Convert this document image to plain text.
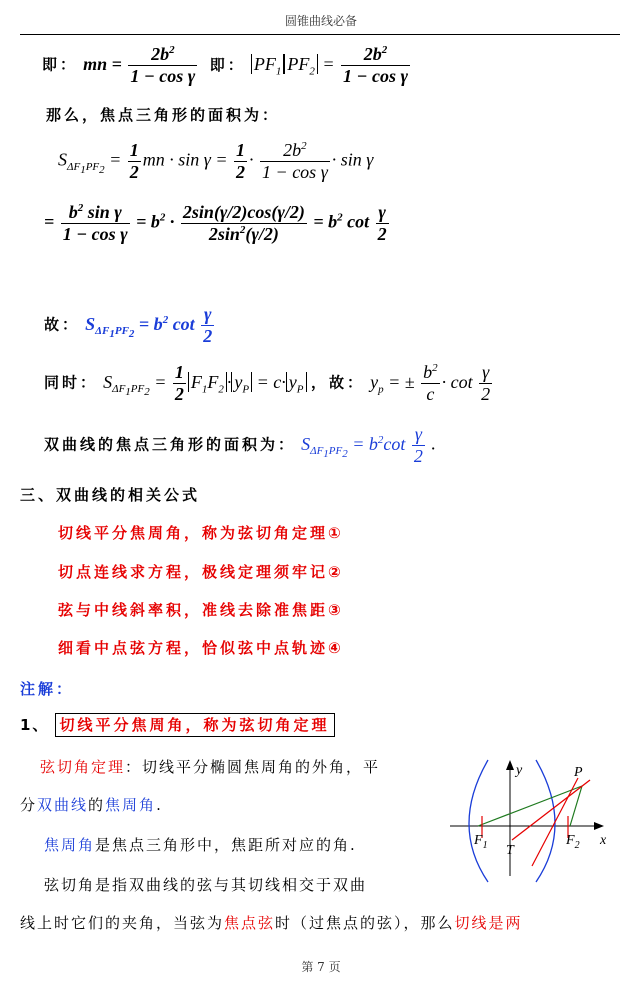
圆锥曲线必备
即： mn = $\frac{2b^2}{\text{1 − cos γ}}$ 即： $PF_1$ $PF_2 = \frac{2b^2}{\text{1 − cos γ}}$
那么，焦点三角形的面积为：
$S_{\Delta F_1PF_2} = \frac{1}{2}$ mn · $\sin \gamma = \frac{1}{2} \cdot \frac{2b^2}{\text{1 − cos γ}} \cdot \sin \gamma$
= $\frac{b^2 \sin \gamma}{\text{1 − cos γ}} = b^2 \cdot \frac{2\sin(\gamma/2)\cos(\gamma/2)}{2\sin^2(\gamma/2)} = b^2$ $\cot \frac{\gamma}{2}$
故： $S_{\Delta F_1PF_2} = b^2$ $\cot \frac{\gamma}{2}$
同时： $S_{\Delta F_1PF_2} = \frac{1}{2} F_1F_2 \cdot y_P = c\cdot y_P$ ，故： $y_p$ = ± $\frac{b^2}{c} \cdot \cot \frac{\gamma}{2}$
双曲线的焦点三角形的面积为： $S_{\Delta F_1PF_2} = b^2\cot \frac{\gamma}{2}$ .
三、双曲线的相关公式
切线平分焦周角，称为弦切角定理①
切点连线求方程，极线定理须牢记②
弦与中线斜率积，准线去除准焦距③
细看中点弦方程，恰似弦中点轨迹④
注解：
1、 切线平分焦周角，称为弦切角定理
弦切角定理：切线平分椭圆焦周角的外角，平
分双曲线的焦周角.
焦周角是焦点三角形中，焦距所对应的角.
弦切角是指双曲线的弦与其切线相交于双曲
线上时它们的夹角，当弦为焦点弦时（过焦点的弦），那么切线是两
y
x
P
$F_1$	$F_2$
T
第 7 页
